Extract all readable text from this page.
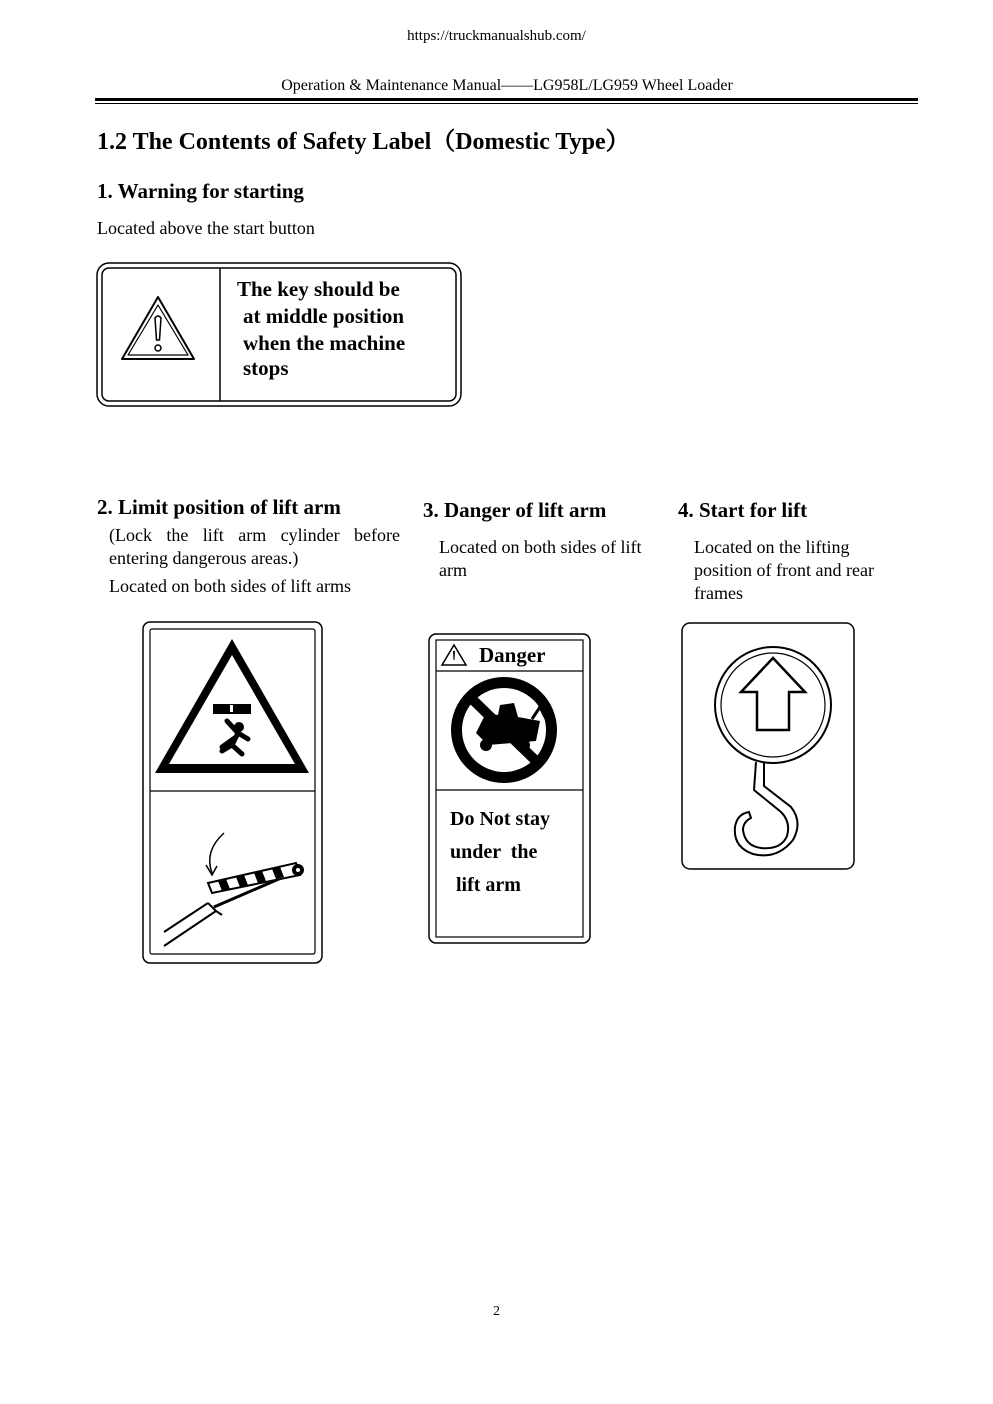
https://truckmanualshub.com/
Operation & Maintenance Manual——LG958L/LG959 Wheel Loader
1.2 The Contents of Safety Label（Domestic Type）
1. Warning for starting
Located above the start button
The key should be
at middle position
when the machine
stops
2. Limit position of lift arm
(Lock the lift arm cylinder before entering dangerous areas.)
Located on both sides of lift arms
3. Danger of lift arm
Located on both sides of lift arm
Danger
Do Not stay
under  the
lift arm
4. Start for lift
Located on the lifting position of front and rear frames
2
